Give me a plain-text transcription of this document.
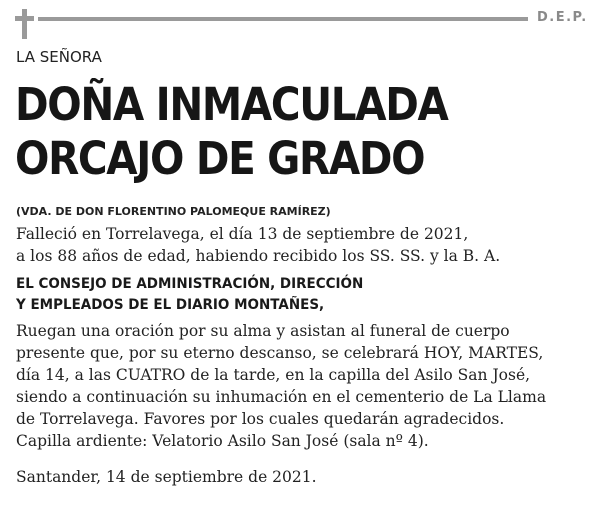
D.E.P.
LA SEÑORA
DOÑA INMACULADA
ORCAJO DE GRADO
(VDA. DE DON FLORENTINO PALOMEQUE RAMÍREZ)
Falleció en Torrelavega, el día 13 de septiembre de 2021,
a los 88 años de edad, habiendo recibido los SS. SS. y la B. A.
EL CONSEJO DE ADMINISTRACIÓN, DIRECCIÓN
Y EMPLEADOS DE EL DIARIO MONTAÑES,
Ruegan una oración por su alma y asistan al funeral de cuerpo
presente que, por su eterno descanso, se celebrará HOY, MARTES,
día 14, a las CUATRO de la tarde, en la capilla del Asilo San José,
siendo a continuación su inhumación en el cementerio de La Llama
de Torrelavega. Favores por los cuales quedarán agradecidos.
Capilla ardiente: Velatorio Asilo San José (sala nº 4).
Santander, 14 de septiembre de 2021.
